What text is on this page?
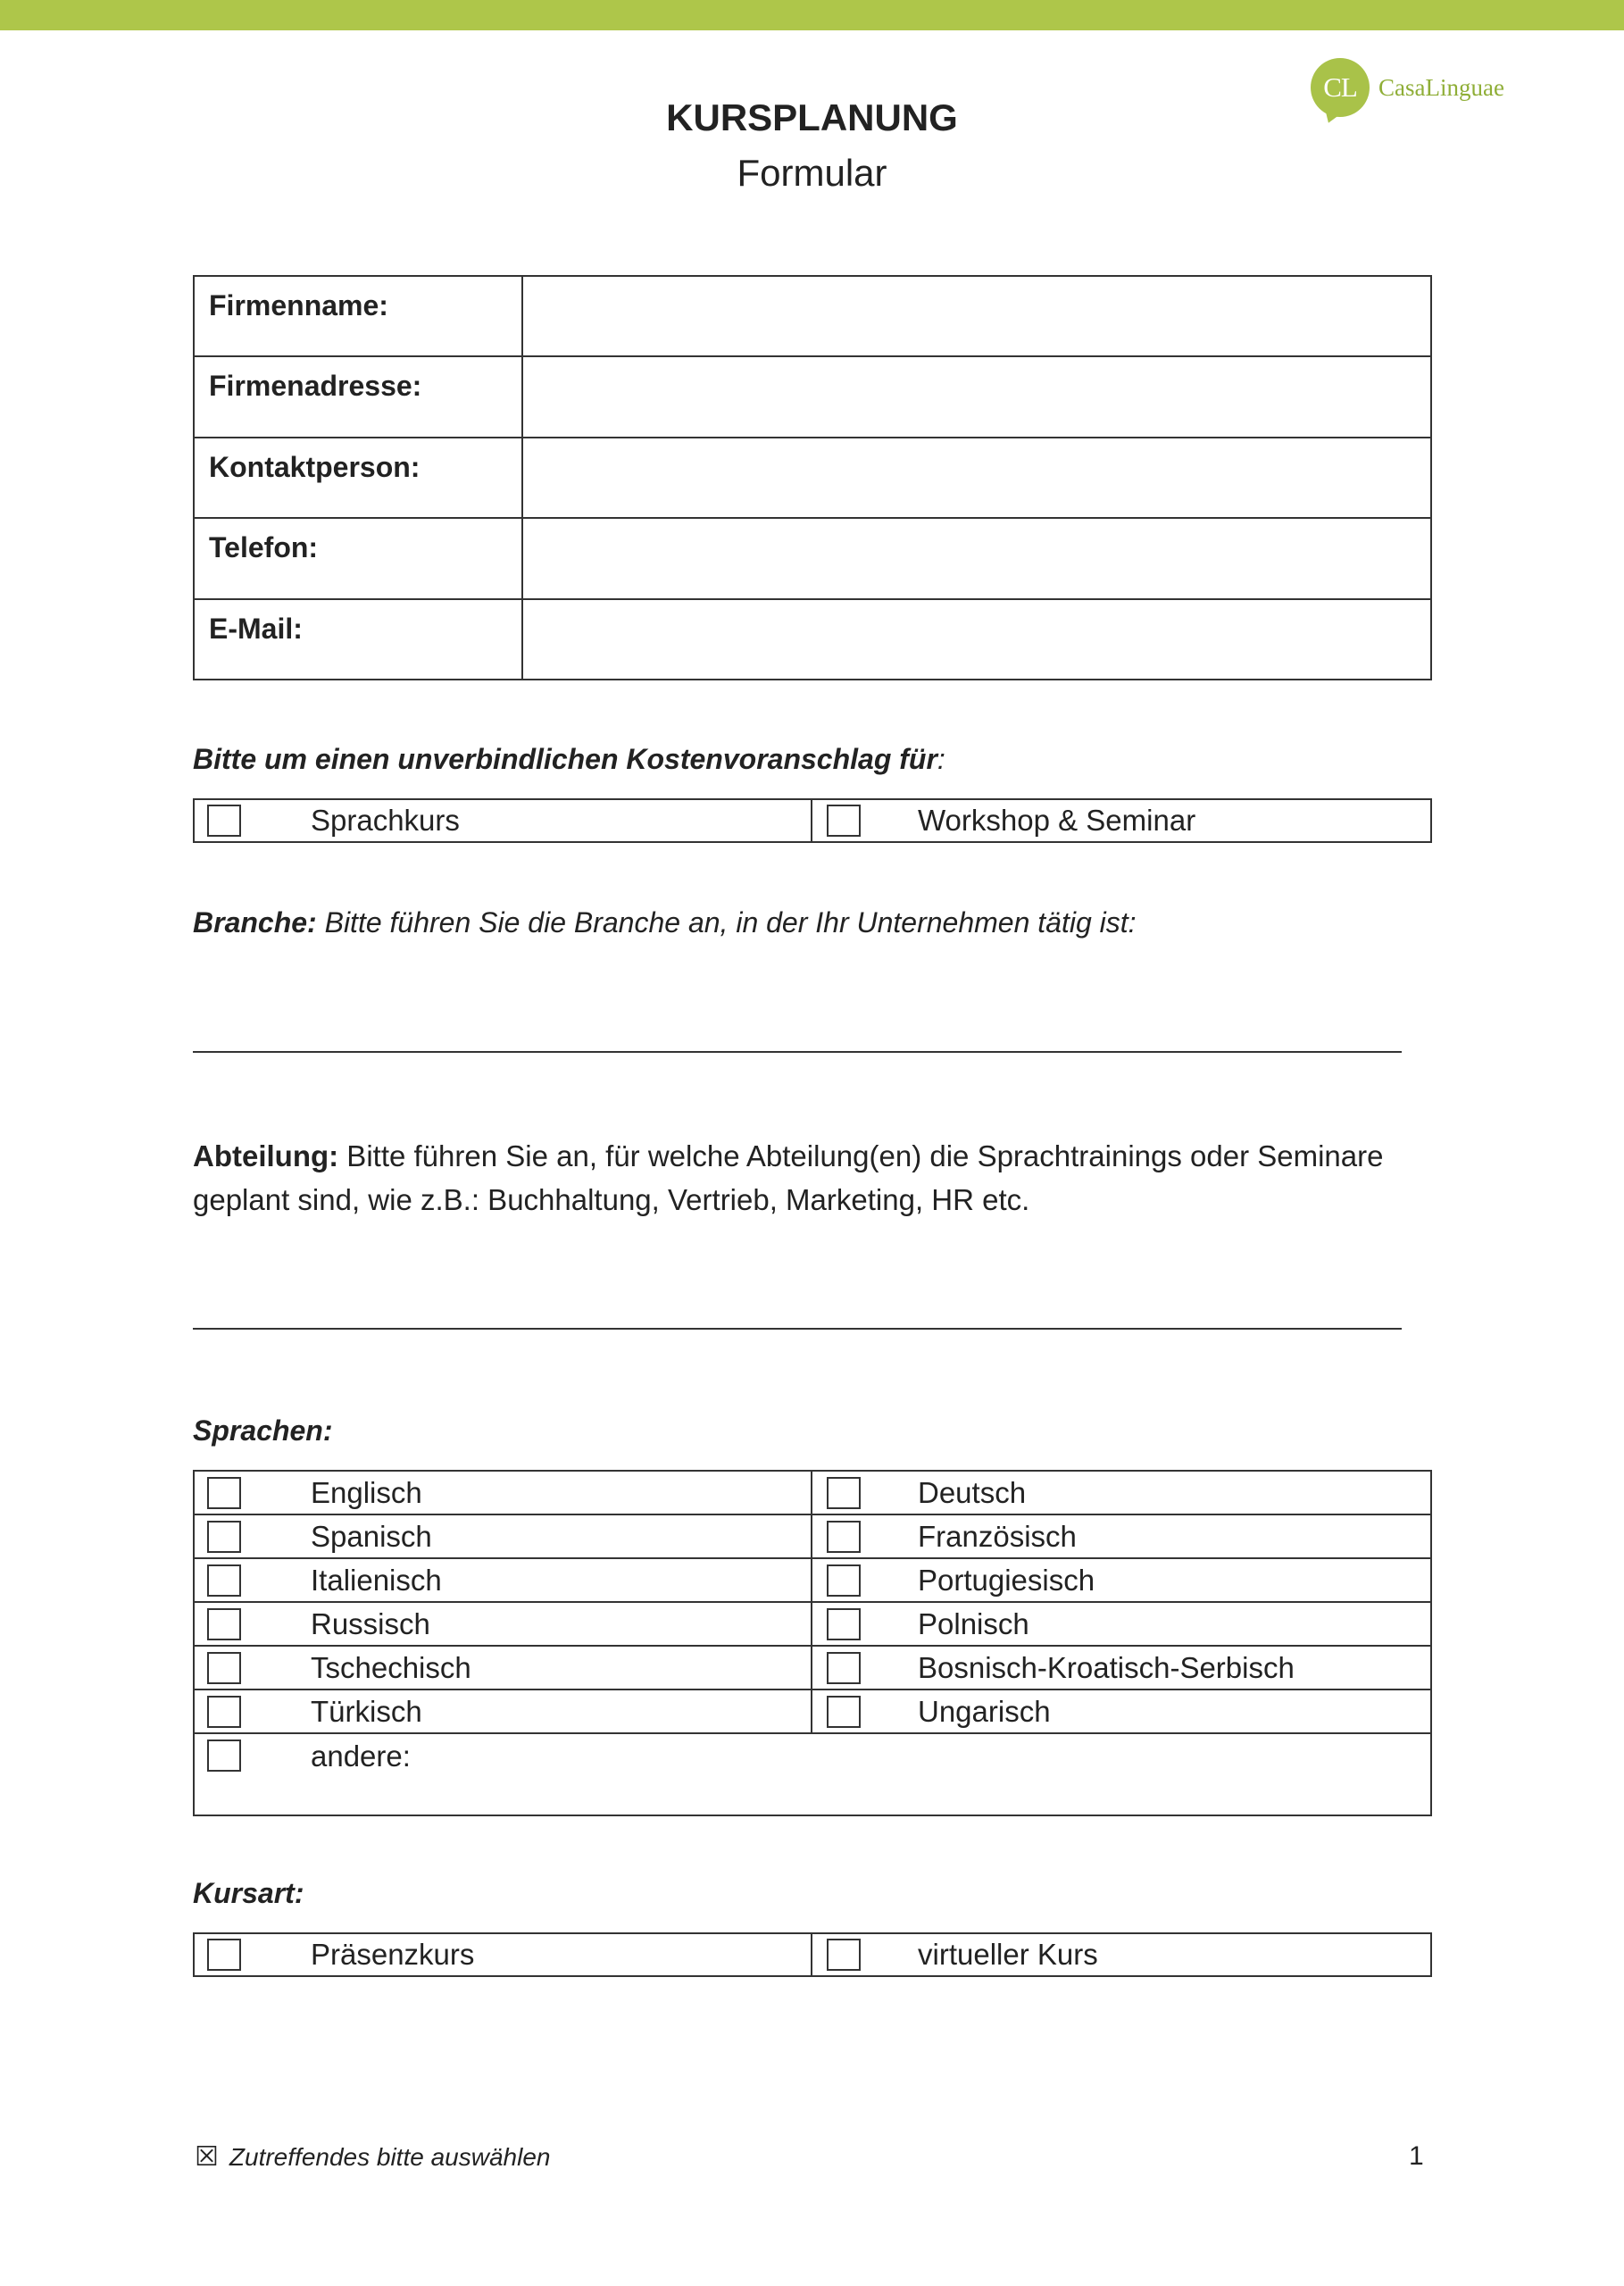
CL CasaLinguae
KURSPLANUNG
Formular
Firmenname:
Firmenadresse:
Kontaktperson:
Telefon:
E-Mail:
Bitte um einen unverbindlichen Kostenvoranschlag für:
Sprachkurs	Workshop & Seminar
Branche: Bitte führen Sie die Branche an, in der Ihr Unternehmen tätig ist:
Abteilung: Bitte führen Sie an, für welche Abteilung(en) die Sprachtrainings oder Seminare geplant sind, wie z.B.: Buchhaltung, Vertrieb, Marketing, HR etc.
Sprachen:
Englisch	Deutsch
Spanisch	Französisch
Italienisch	Portugiesisch
Russisch	Polnisch
Tschechisch	Bosnisch-Kroatisch-Serbisch
Türkisch	Ungarisch
andere:
Kursart:
Präsenzkurs	virtueller Kurs
☒ Zutreffendes bitte auswählen	1
